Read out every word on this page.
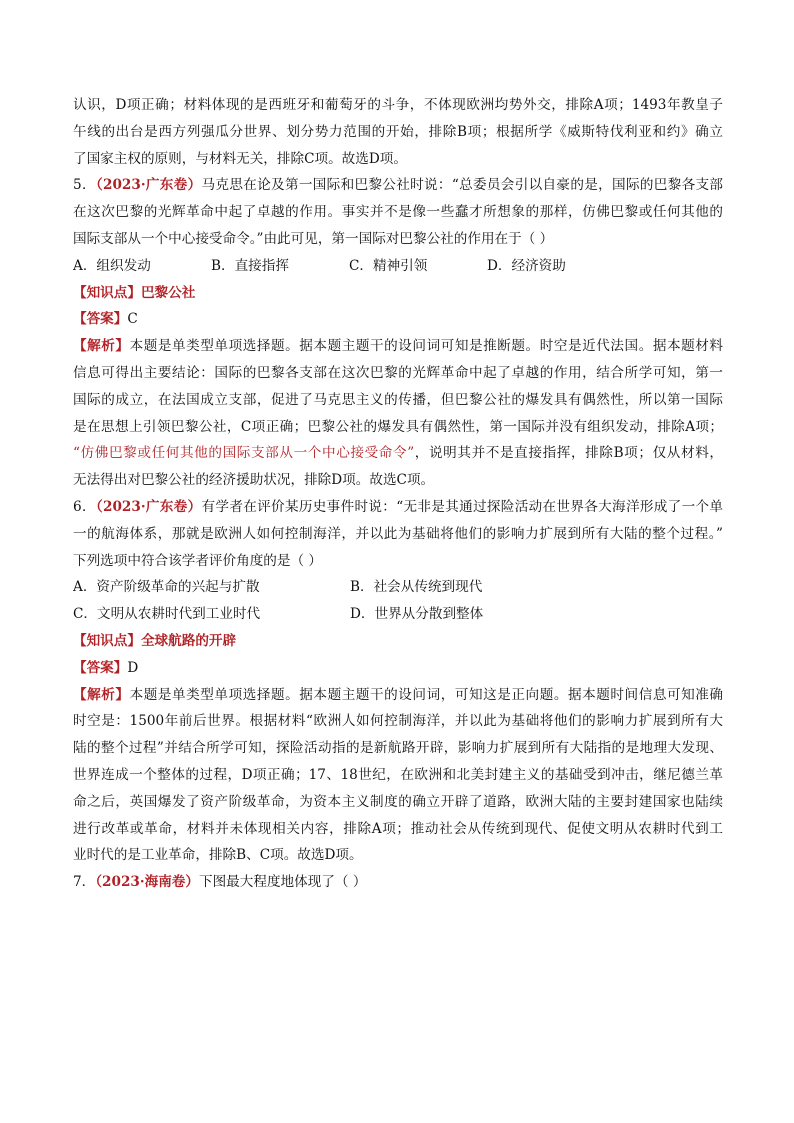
认识，D项正确；材料体现的是西班牙和葡萄牙的斗争，不体现欧洲均势外交，排除A项；1493年教皇子
午线的出台是西方列强瓜分世界、划分势力范围的开始，排除B项；根据所学《威斯特伐利亚和约》确立
了国家主权的原则，与材料无关，排除C项。故选D项。
5．（2023·广东卷）马克思在论及第一国际和巴黎公社时说：“总委员会引以自豪的是，国际的巴黎各支部
在这次巴黎的光辉革命中起了卓越的作用。事实并不是像一些蠢才所想象的那样，仿佛巴黎或任何其他的
国际支部从一个中心接受命令。”由此可见，第一国际对巴黎公社的作用在于（ ）
A．组织发动	B．直接指挥	C．精神引领	D．经济资助
【知识点】巴黎公社
【答案】C
【解析】本题是单类型单项选择题。据本题主题干的设问词可知是推断题。时空是近代法国。据本题材料
信息可得出主要结论：国际的巴黎各支部在这次巴黎的光辉革命中起了卓越的作用，结合所学可知，第一
国际的成立，在法国成立支部，促进了马克思主义的传播，但巴黎公社的爆发具有偶然性，所以第一国际
是在思想上引领巴黎公社，C项正确；巴黎公社的爆发具有偶然性，第一国际并没有组织发动，排除A项；
“仿佛巴黎或任何其他的国际支部从一个中心接受命令”，说明其并不是直接指挥，排除B项；仅从材料，
无法得出对巴黎公社的经济援助状况，排除D项。故选C项。
6．（2023·广东卷）有学者在评价某历史事件时说：“无非是其通过探险活动在世界各大海洋形成了一个单
一的航海体系，那就是欧洲人如何控制海洋，并以此为基础将他们的影响力扩展到所有大陆的整个过程。”
下列选项中符合该学者评价角度的是（ ）
A．资产阶级革命的兴起与扩散	B．社会从传统到现代
C．文明从农耕时代到工业时代	D．世界从分散到整体
【知识点】全球航路的开辟
【答案】D
【解析】本题是单类型单项选择题。据本题主题干的设问词，可知这是正向题。据本题时间信息可知准确
时空是：1500年前后世界。根据材料“欧洲人如何控制海洋，并以此为基础将他们的影响力扩展到所有大
陆的整个过程”并结合所学可知，探险活动指的是新航路开辟，影响力扩展到所有大陆指的是地理大发现、
世界连成一个整体的过程，D项正确；17、18世纪，在欧洲和北美封建主义的基础受到冲击，继尼德兰革
命之后，英国爆发了资产阶级革命，为资本主义制度的确立开辟了道路，欧洲大陆的主要封建国家也陆续
进行改革或革命，材料并未体现相关内容，排除A项；推动社会从传统到现代、促使文明从农耕时代到工
业时代的是工业革命，排除B、C项。故选D项。
7．（2023·海南卷）下图最大程度地体现了（ ）
